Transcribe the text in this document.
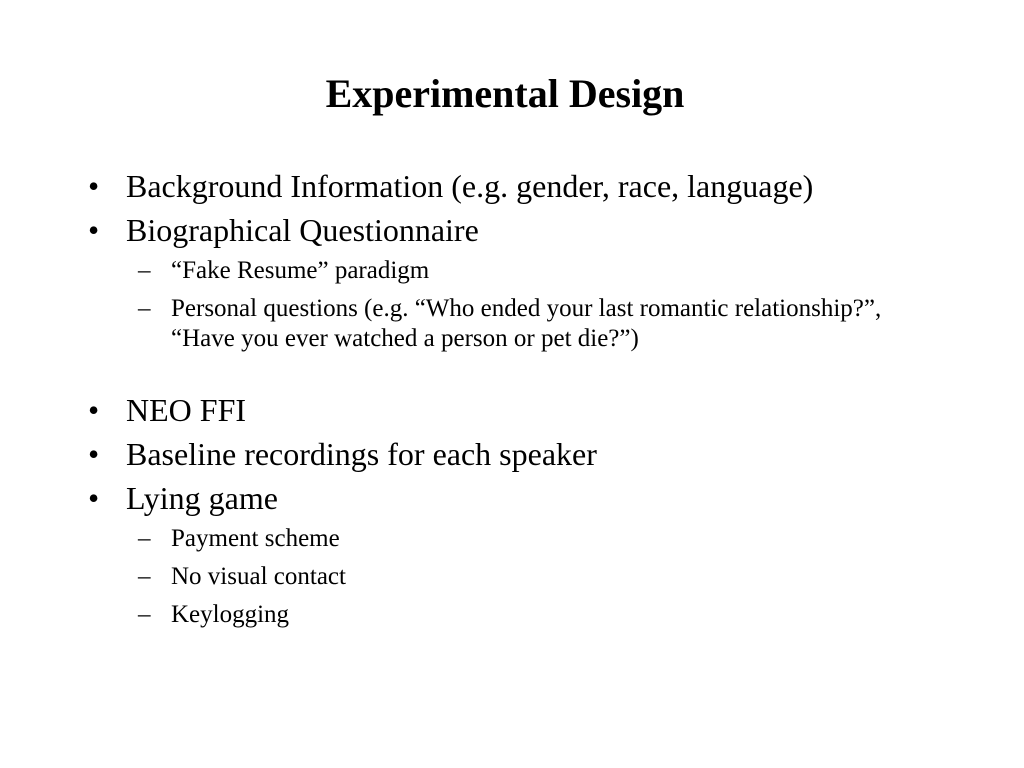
Experimental Design
• Background Information (e.g. gender, race, language)
• Biographical Questionnaire
– “Fake Resume” paradigm
– Personal questions (e.g. “Who ended your last romantic relationship?”, “Have you ever watched a person or pet die?”)
• NEO FFI
• Baseline recordings for each speaker
• Lying game
– Payment scheme
– No visual contact
– Keylogging
